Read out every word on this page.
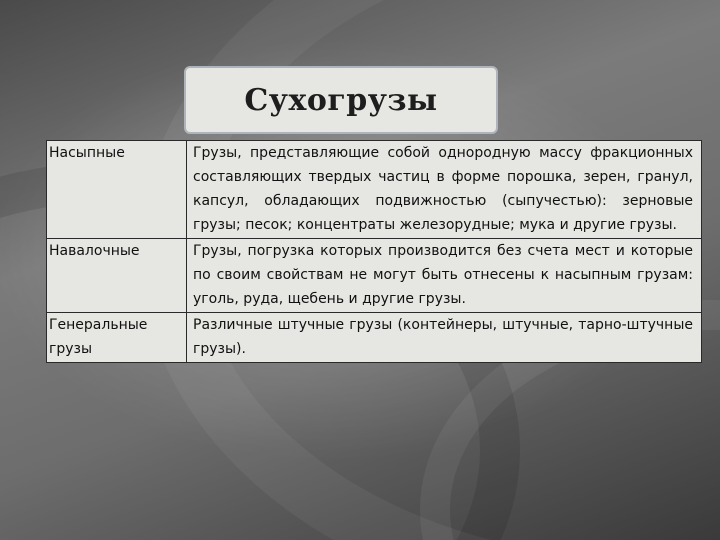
Сухогрузы
Насыпные	Грузы, представляющие собой однородную массу фракционных составляющих твердых частиц в форме порошка, зерен, гранул, капсул, обладающих подвижностью (сыпучестью): зерновые грузы; песок; концентраты железорудные; мука и другие грузы.
Навалочные	Грузы, погрузка которых производится без счета мест и которые по своим свойствам не могут быть отнесены к насыпным грузам: уголь, руда, щебень и другие грузы.
Генеральные грузы	Различные штучные грузы (контейнеры, штучные, тарно-штучные грузы).
